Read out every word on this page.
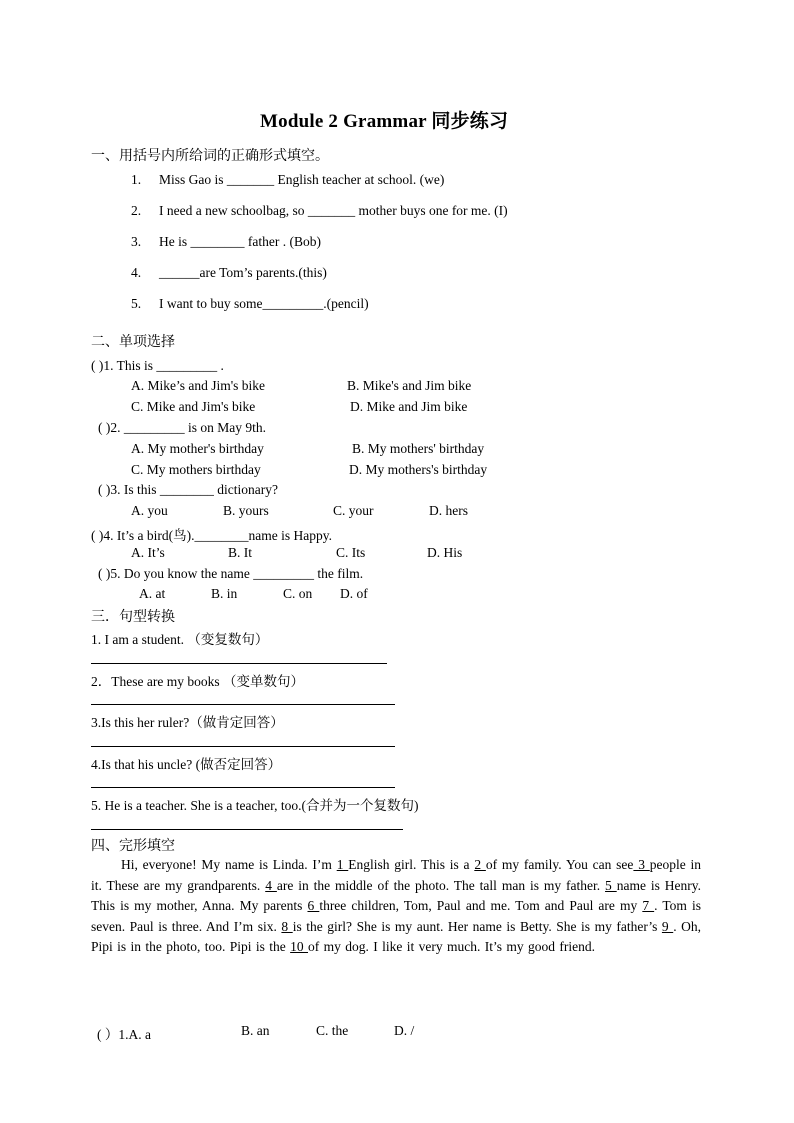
Module 2 Grammar 同步练习
一、用括号内所给词的正确形式填空。
1. Miss Gao is _______ English teacher at school. (we)
2. I need a new schoolbag, so _______ mother buys one for me. (I)
3. He is ________ father . (Bob)
4. ______are Tom’s parents.(this)
5. I want to buy some_________.(pencil)
二、单项选择
( )1. This is _________ .
A. Mike’s and Jim's bike	B. Mike's and Jim bike
C. Mike and Jim's bike	D. Mike and Jim bike
( )2. _________ is on May 9th.
A. My mother's birthday	B. My mothers' birthday
C. My mothers birthday	D. My mothers's birthday
( )3. Is this ________ dictionary?
A. you	B. yours	C. your	D. hers
( )4. It’s a bird(鸟).________name is Happy.
A. It’s	B. It	C. Its	D. His
( )5. Do you know the name _________ the film.
A. at	B. in	C. on D. of
三．句型转换
1. I am a student. （变复数句）
2．These are my books （变单数句）
3.Is this her ruler?（做肯定回答）
4.Is that his uncle? (做否定回答）
5. He is a teacher. She is a teacher, too.(合并为一个复数句)
四、完形填空
Hi, everyone! My name is Linda. I’m 1 English girl. This is a 2 of my family. You can see 3 people in it. These are my grandparents. 4 are in the middle of the photo. The tall man is my father. 5 name is Henry. This is my mother, Anna. My parents 6 three children, Tom, Paul and me. Tom and Paul are my 7 . Tom is seven. Paul is three. And I’m six. 8 is the girl? She is my aunt. Her name is Betty. She is my father’s 9 . Oh, Pipi is in the photo, too. Pipi is the 10 of my dog. I like it very much. It’s my good friend.
( ）1.A. a	B. an	C. the	D. /
